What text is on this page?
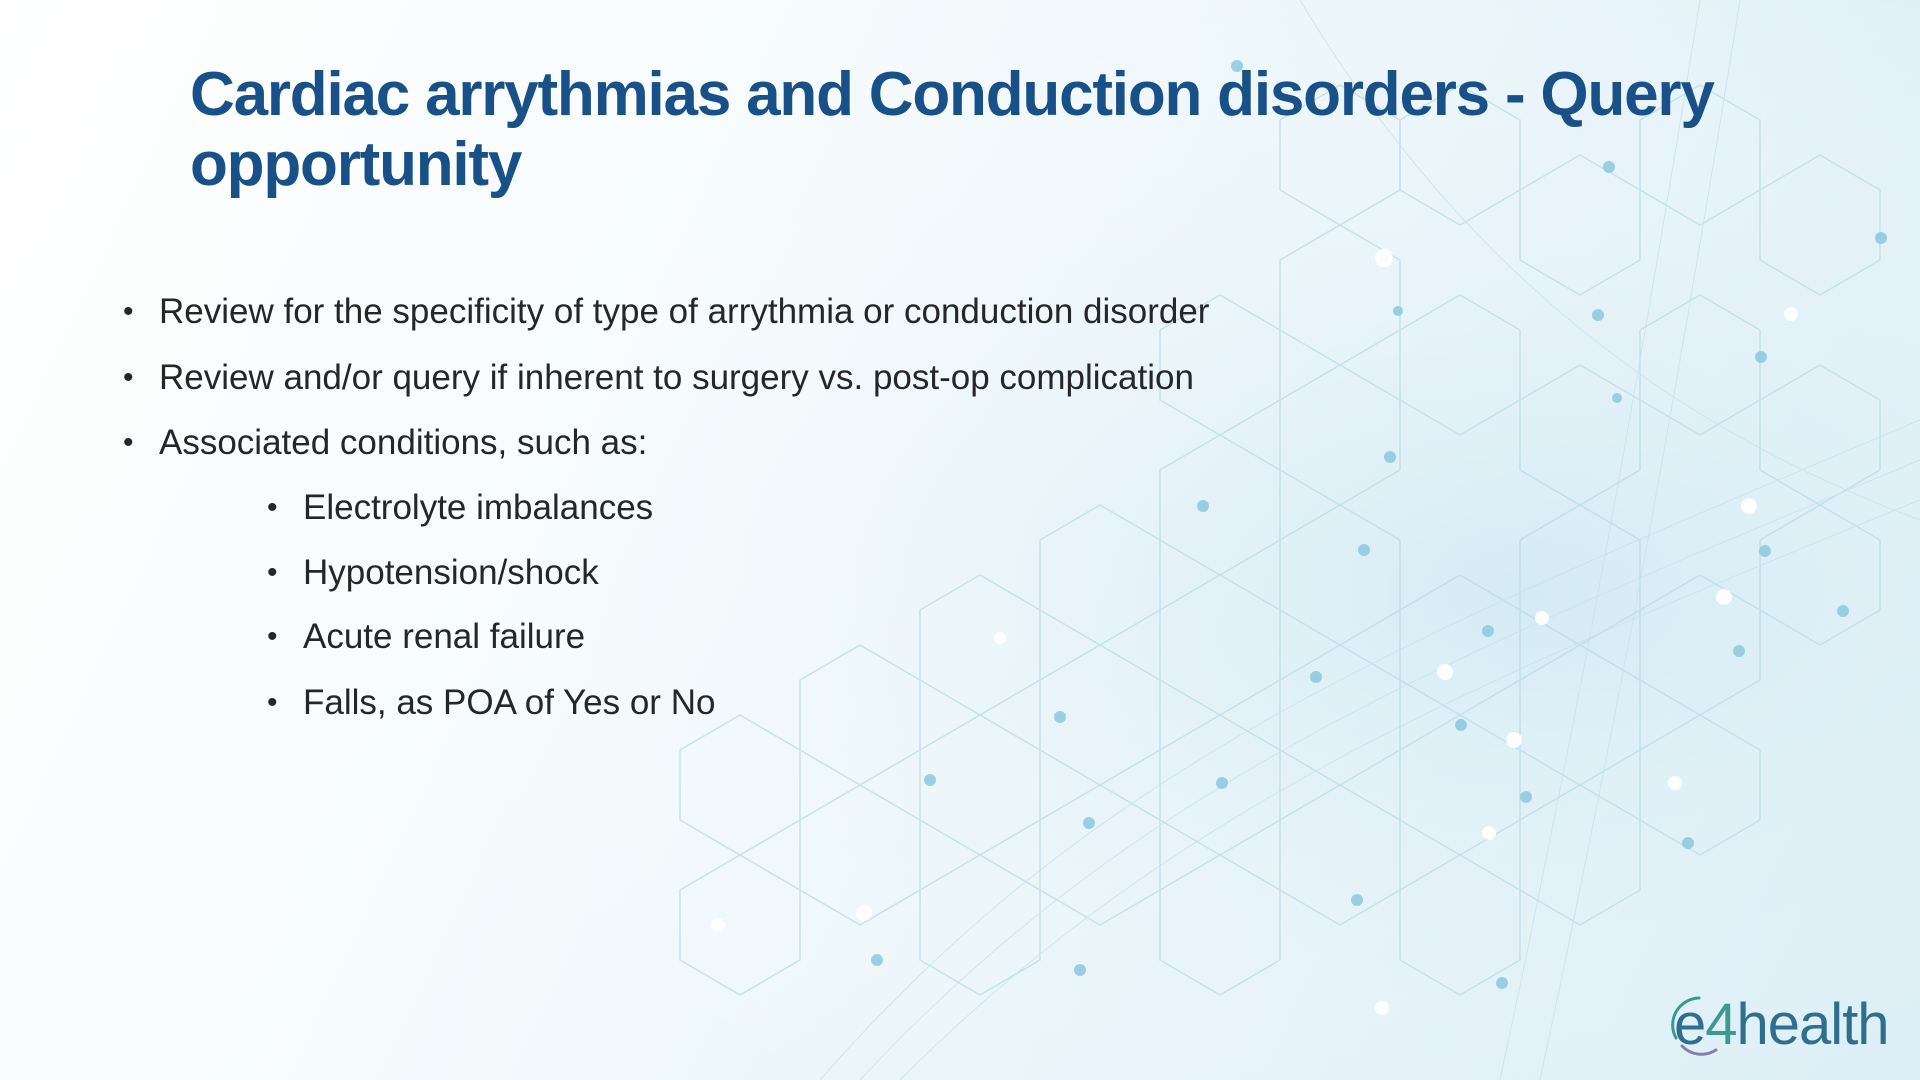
Cardiac arrythmias and Conduction disorders - Query opportunity
• Review for the specificity of type of arrythmia or conduction disorder
• Review and/or query if inherent to surgery vs. post-op complication
• Associated conditions, such as:
• Electrolyte imbalances
• Hypotension/shock
• Acute renal failure
• Falls, as POA of Yes or No
e4health
